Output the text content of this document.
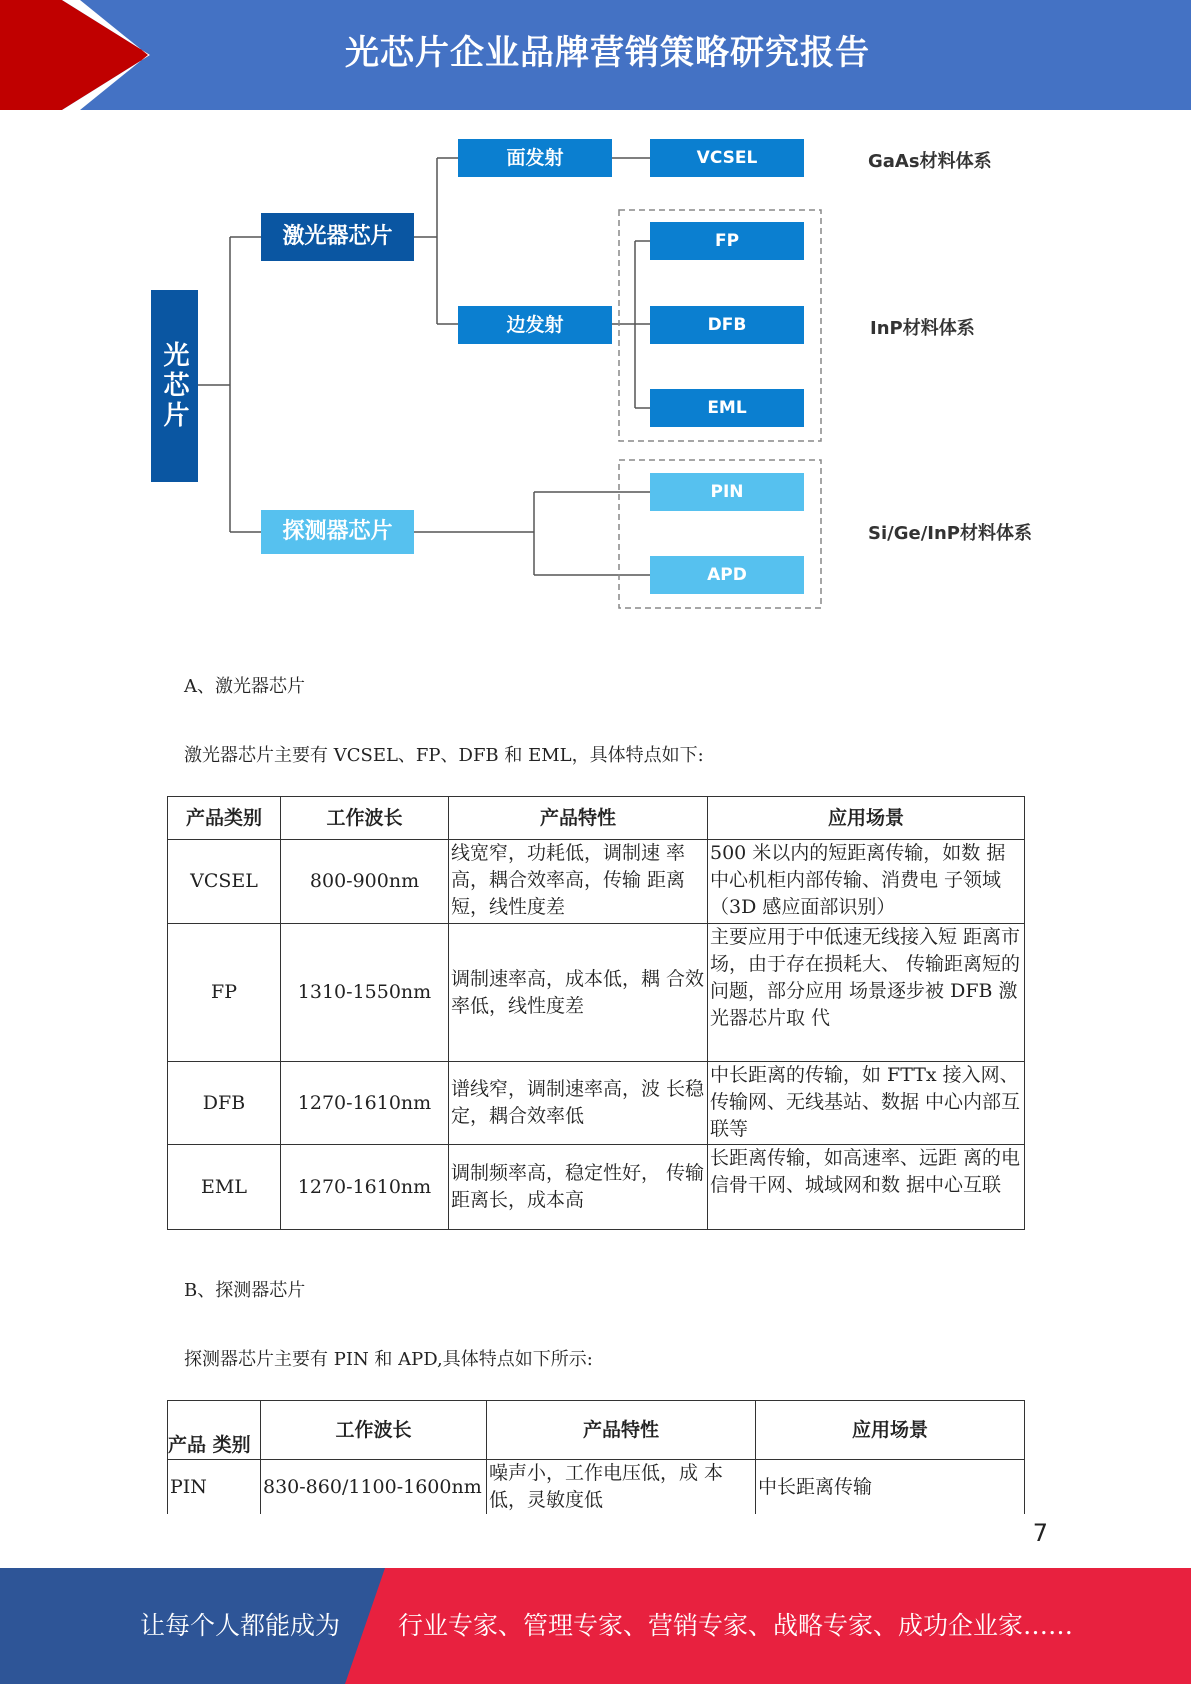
光芯片企业品牌营销策略研究报告
光芯片
激光器芯片
探测器芯片
面发射
边发射
VCSEL
FP
DFB
EML
PIN
APD
GaAs材料体系
InP材料体系
Si/Ge/InP材料体系
A、激光器芯片
激光器芯片主要有 VCSEL、FP、DFB 和 EML，具体特点如下:
产品类别	工作波长	产品特性	应用场景
VCSEL	800-900nm	线宽窄，功耗低，调制速 率高，耦合效率高，传输 距离短，线性度差	500 米以内的短距离传输，如数 据中心机柜内部传输、消费电 子领域（3D 感应面部识别）
FP	1310-1550nm	调制速率高，成本低，耦 合效率低，线性度差	主要应用于中低速无线接入短 距离市场，由于存在损耗大、 传输距离短的问题，部分应用 场景逐步被 DFB 激光器芯片取 代
DFB	1270-1610nm	谱线窄，调制速率高，波 长稳定，耦合效率低	中长距离的传输，如 FTTx 接入网、传输网、无线基站、数据 中心内部互联等
EML	1270-1610nm	调制频率高，稳定性好， 传输距离长，成本高	长距离传输，如高速率、远距 离的电信骨干网、城域网和数 据中心互联
B、探测器芯片
探测器芯片主要有 PIN 和 APD,具体特点如下所示:
产品 类别	工作波长	产品特性	应用场景
PIN	830-860/1100-1600nm	噪声小，工作电压低，成 本低，灵敏度低	中长距离传输
7
让每个人都能成为 行业专家、管理专家、营销专家、战略专家、成功企业家……
